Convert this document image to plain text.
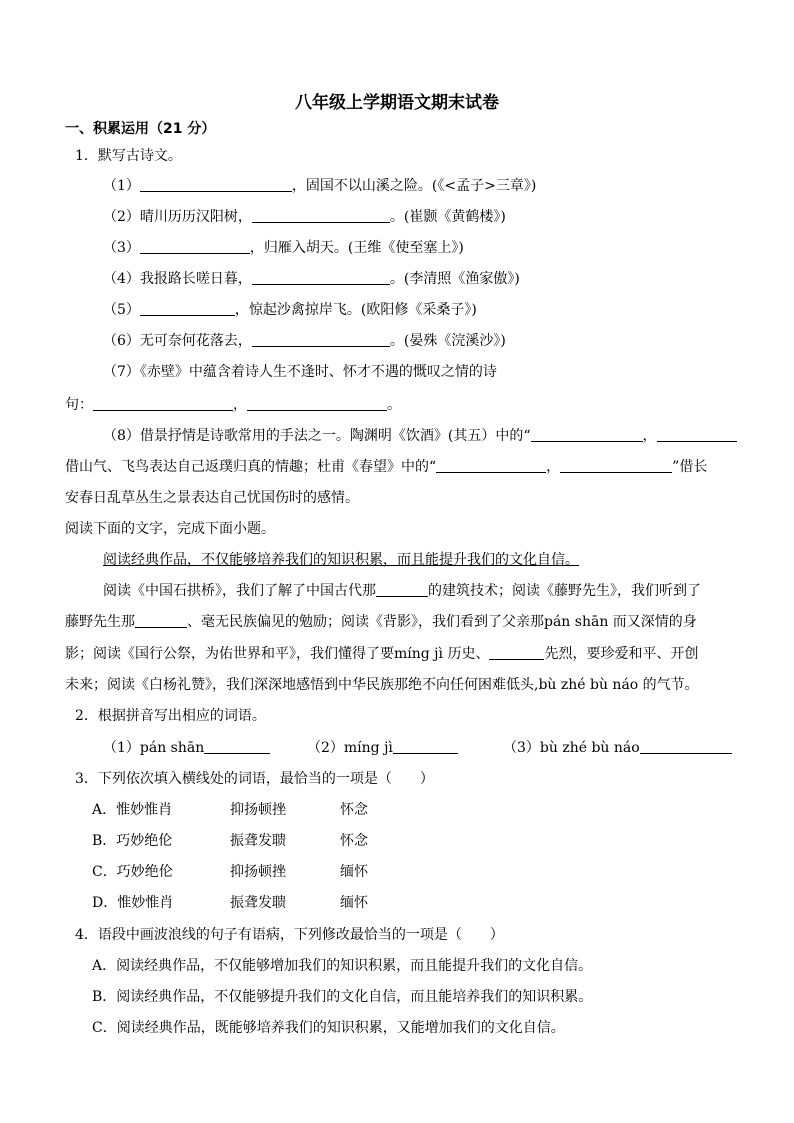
八年级上学期语文期末试卷
一、积累运用（21 分）
1．默写古诗文。
（1）	，固国不以山溪之险。(《<孟子>三章》)
（2）晴川历历汉阳树，	。(崔颢《黄鹤楼》)
（3）	，归雁入胡天。(王维《使至塞上》)
（4）我报路长嗟日暮，	。(李清照《渔家傲》)
（5）	，惊起沙禽掠岸飞。(欧阳修《采桑子》)
（6）无可奈何花落去，	。(晏殊《浣溪沙》)
（7）《赤壁》中蕴含着诗人生不逢时、怀才不遇的慨叹之情的诗
句：	，	。
（8）借景抒情是诗歌常用的手法之一。陶渊明《饮酒》(其五）中的“	，
借山气、飞鸟表达自己返璞归真的情趣；杜甫《春望》中的“	，	”借长
安春日乱草丛生之景表达自己忧国伤时的感情。
阅读下面的文字，完成下面小题。
阅读经典作品，不仅能够培养我们的知识积累，而且能提升我们的文化自信。
阅读《中国石拱桥》，我们了解了中国古代那	的建筑技术；阅读《藤野先生》，我们听到了
藤野先生那	、毫无民族偏见的勉励；阅读《背影》，我们看到了父亲那pán shān 而又深情的身
影；阅读《国行公祭，为佑世界和平》，我们懂得了要míng jì 历史、	先烈，要珍爱和平、开创
未来；阅读《白杨礼赞》，我们深深地感悟到中华民族那绝不向任何困难低头,bù zhé bù náo 的气节。
2．根据拼音写出相应的词语。
（1）pán shān	（2）míng jì	（3）bù zhé bù náo
3．下列依次填入横线处的词语，最恰当的一项是（　　）
A．惟妙惟肖	抑扬顿挫	怀念
B．巧妙绝伦	振聋发聩	怀念
C．巧妙绝伦	抑扬顿挫	缅怀
D．惟妙惟肖	振聋发聩	缅怀
4．语段中画波浪线的句子有语病，下列修改最恰当的一项是（　　）
A．阅读经典作品，不仅能够增加我们的知识积累，而且能提升我们的文化自信。
B．阅读经典作品，不仅能够提升我们的文化自信，而且能培养我们的知识积累。
C．阅读经典作品，既能够培养我们的知识积累，又能增加我们的文化自信。
